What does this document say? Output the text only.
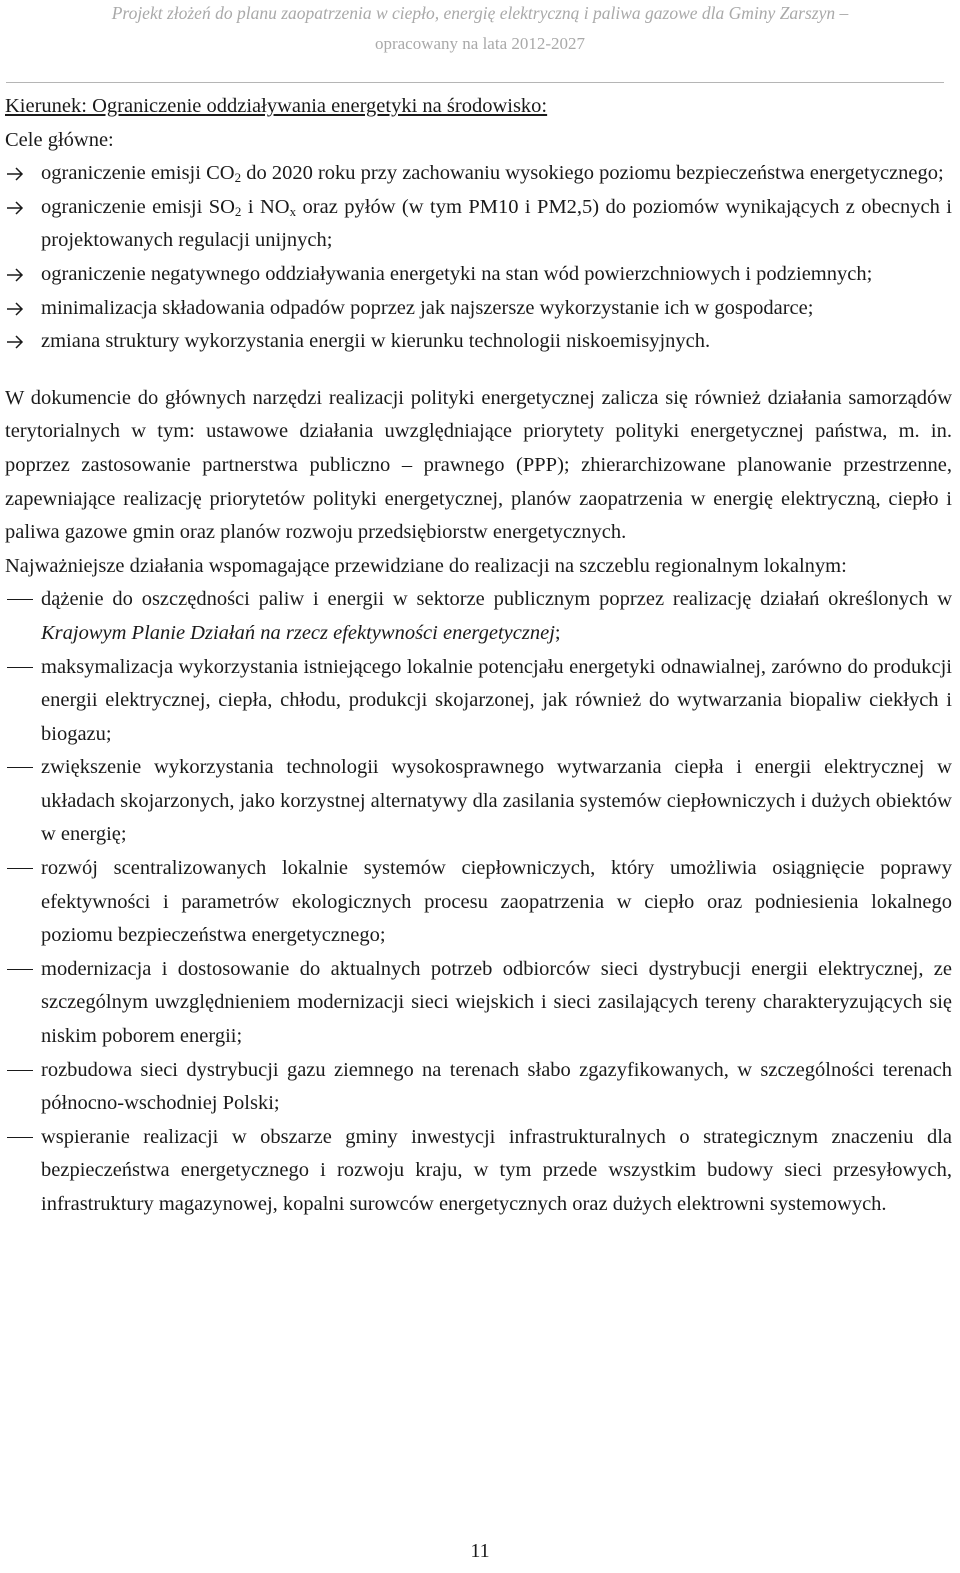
Projekt złożeń do planu zaopatrzenia w ciepło, energię elektryczną i paliwa gazowe dla Gminy Zarszyn –
opracowany na lata 2012-2027
Kierunek: Ograniczenie oddziaływania energetyki na środowisko:
Cele główne:
ograniczenie emisji $CO_2$ do 2020 roku przy zachowaniu wysokiego poziomu bezpieczeństwa energetycznego;
ograniczenie emisji $SO_2$ i $NO_x$ oraz pyłów (w tym PM10 i PM2,5) do poziomów wynikających z obecnych i projektowanych regulacji unijnych;
ograniczenie negatywnego oddziaływania energetyki na stan wód powierzchniowych i podziemnych;
minimalizacja składowania odpadów poprzez jak najszersze wykorzystanie ich w gospodarce;
zmiana struktury wykorzystania energii w kierunku technologii niskoemisyjnych.
W dokumencie do głównych narzędzi realizacji polityki energetycznej zalicza się również działania samorządów terytorialnych w tym: ustawowe działania uwzględniające priorytety polityki energetycznej państwa, m. in. poprzez zastosowanie partnerstwa publiczno – prawnego (PPP); zhierarchizowane planowanie przestrzenne, zapewniające realizację priorytetów polityki energetycznej, planów zaopatrzenia w energię elektryczną, ciepło i paliwa gazowe gmin oraz planów rozwoju przedsiębiorstw energetycznych.
Najważniejsze działania wspomagające przewidziane do realizacji na szczeblu regionalnym lokalnym:
dążenie do oszczędności paliw i energii w sektorze publicznym poprzez realizację działań określonych w Krajowym Planie Działań na rzecz efektywności energetycznej;
maksymalizacja wykorzystania istniejącego lokalnie potencjału energetyki odnawialnej, zarówno do produkcji energii elektrycznej, ciepła, chłodu, produkcji skojarzonej, jak również do wytwarzania biopaliw ciekłych i biogazu;
zwiększenie wykorzystania technologii wysokosprawnego wytwarzania ciepła i energii elektrycznej w układach skojarzonych, jako korzystnej alternatywy dla zasilania systemów ciepłowniczych i dużych obiektów w energię;
rozwój scentralizowanych lokalnie systemów ciepłowniczych, który umożliwia osiągnięcie poprawy efektywności i parametrów ekologicznych procesu zaopatrzenia w ciepło oraz podniesienia lokalnego poziomu bezpieczeństwa energetycznego;
modernizacja i dostosowanie do aktualnych potrzeb odbiorców sieci dystrybucji energii elektrycznej, ze szczególnym uwzględnieniem modernizacji sieci wiejskich i sieci zasilających tereny charakteryzujących się niskim poborem energii;
rozbudowa sieci dystrybucji gazu ziemnego na terenach słabo zgazyfikowanych, w szczególności terenach północno-wschodniej Polski;
wspieranie realizacji w obszarze gminy inwestycji infrastrukturalnych o strategicznym znaczeniu dla bezpieczeństwa energetycznego i rozwoju kraju, w tym przede wszystkim budowy sieci przesyłowych, infrastruktury magazynowej, kopalni surowców energetycznych oraz dużych elektrowni systemowych.
11
